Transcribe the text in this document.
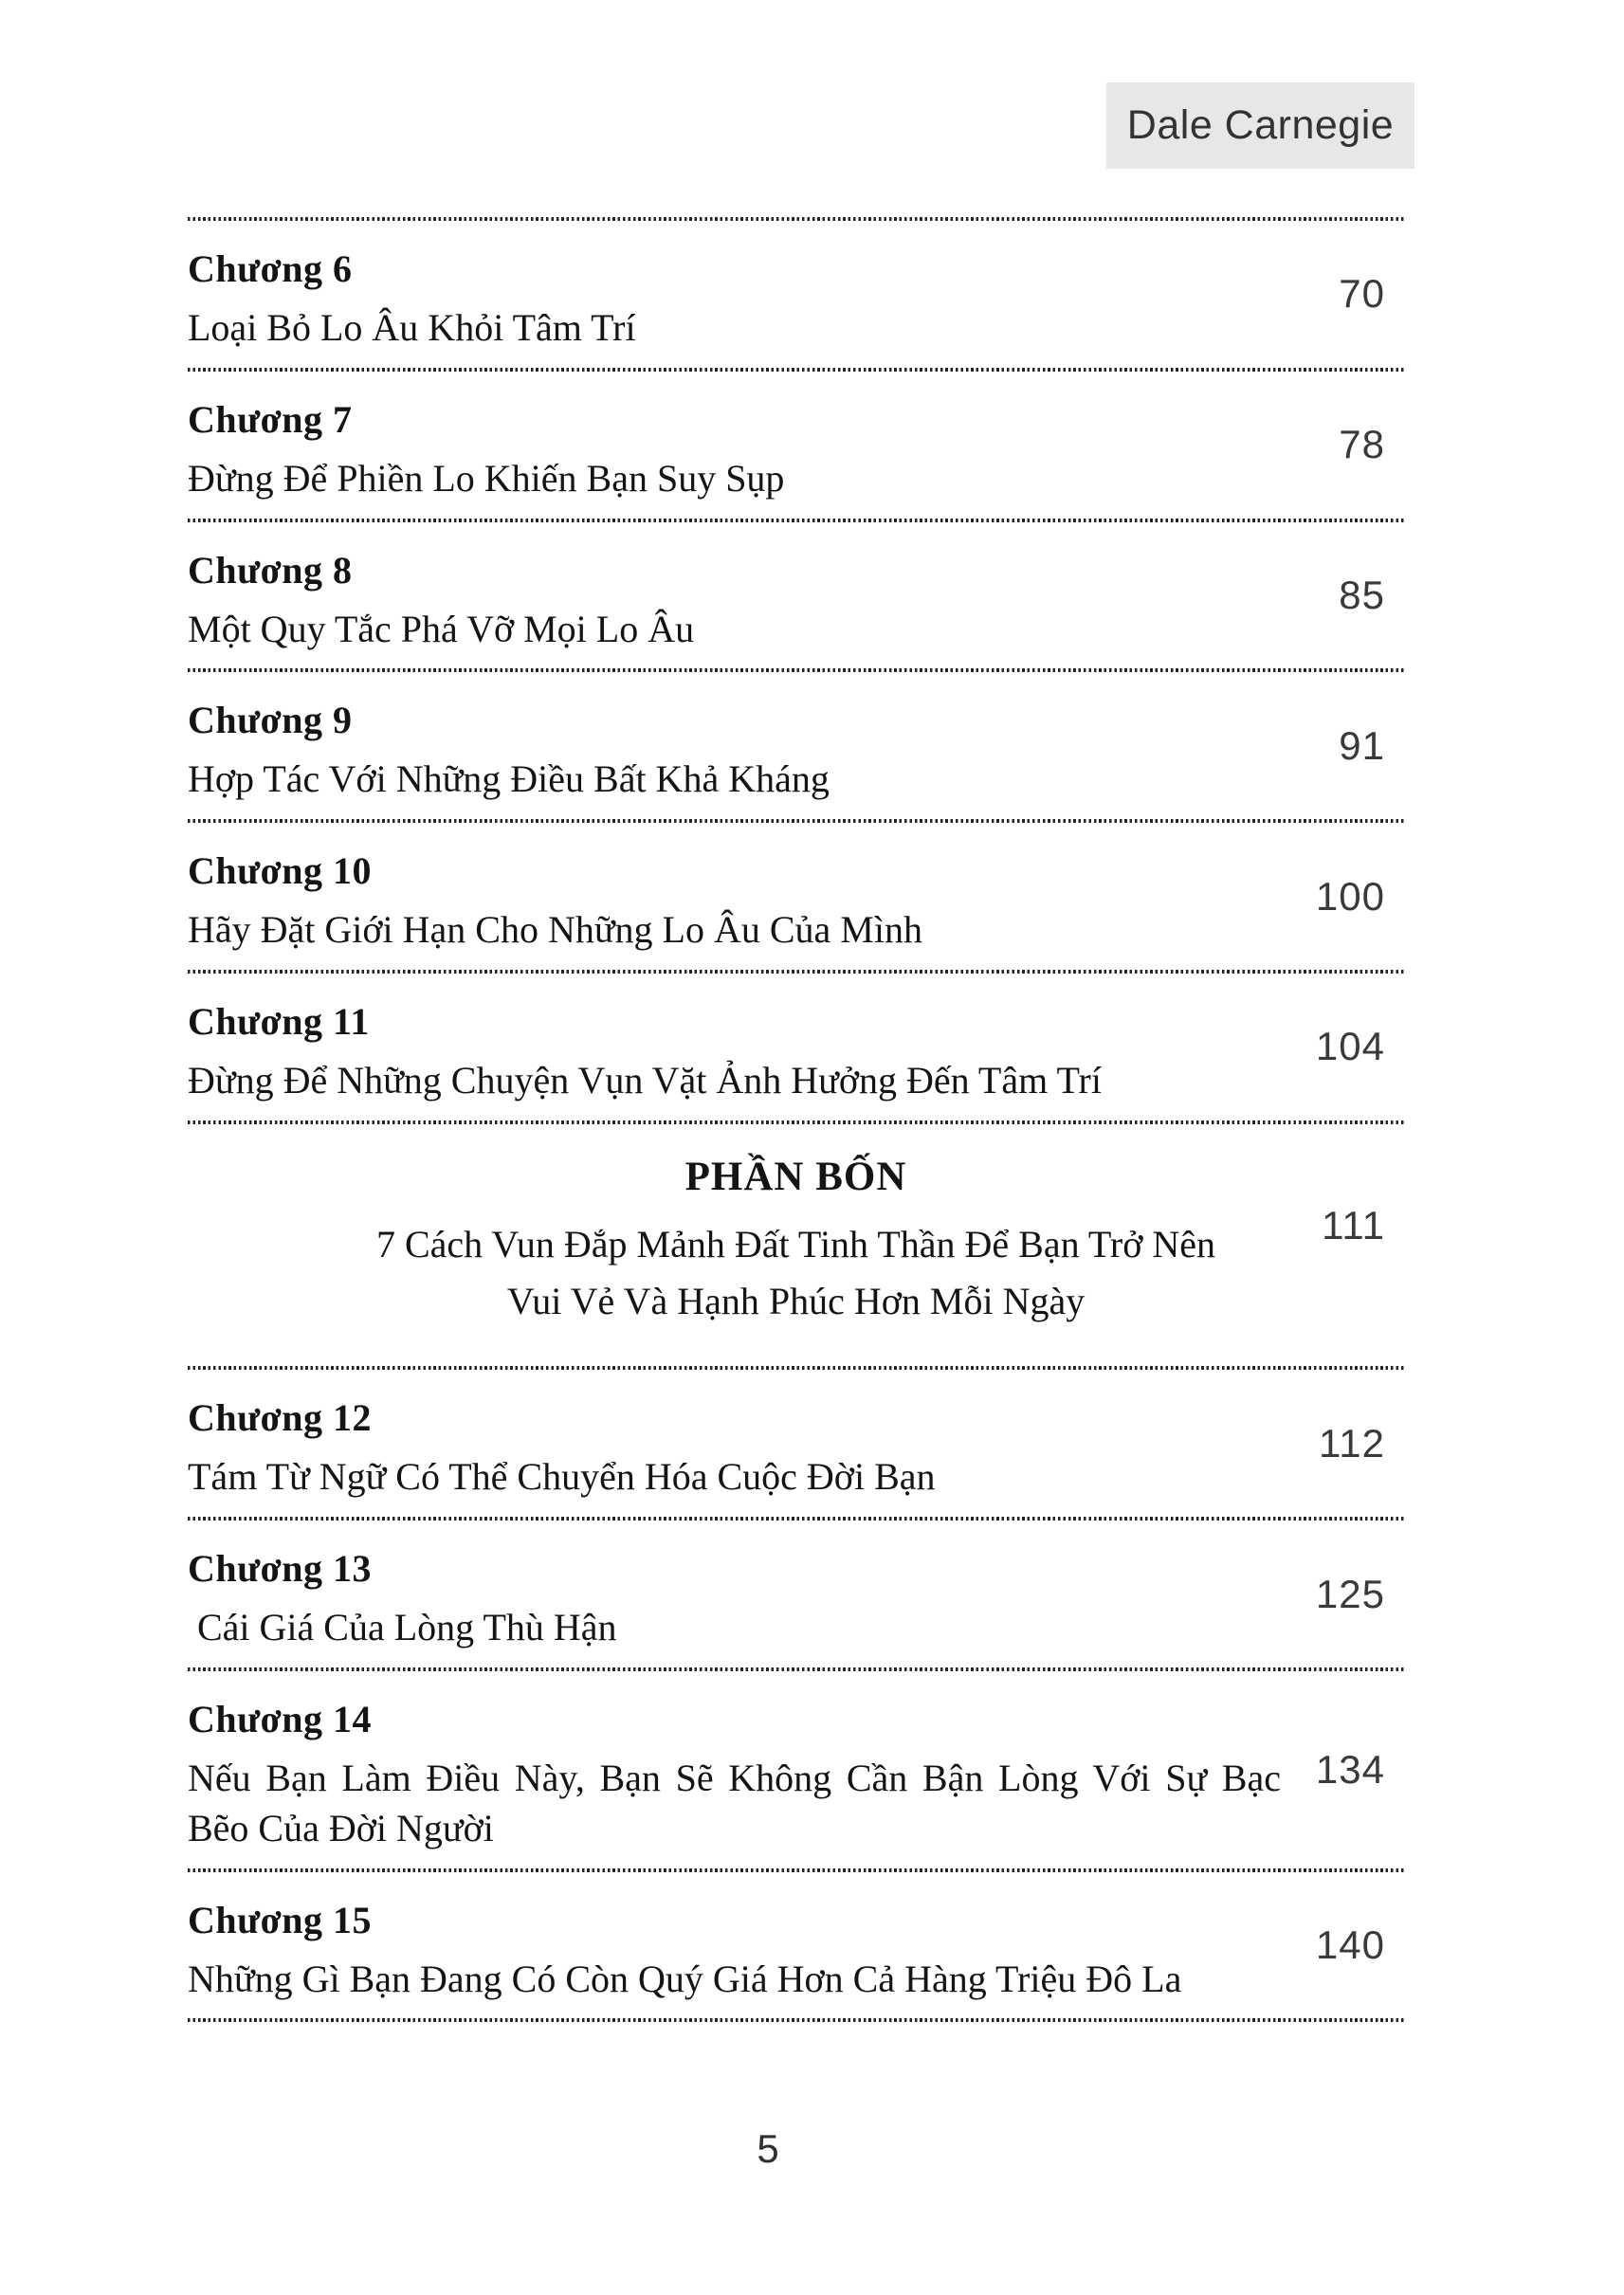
Dale Carnegie
Chương 6

Loại Bỏ Lo Âu Khỏi Tâm Trí

70
Chương 7

Đừng Để Phiền Lo Khiến Bạn Suy Sụp

78
Chương 8

Một Quy Tắc Phá Vỡ Mọi Lo Âu

85
Chương 9

Hợp Tác Với Những Điều Bất Khả Kháng

91
Chương 10

Hãy Đặt Giới Hạn Cho Những Lo Âu Của Mình

100
Chương 11

Đừng Để Những Chuyện Vụn Vặt Ảnh Hưởng Đến Tâm Trí

104
PHẦN BỐN

7 Cách Vun Đắp Mảnh Đất Tinh Thần Để Bạn Trở Nên

Vui Vẻ Và Hạnh Phúc Hơn Mỗi Ngày

111
Chương 12

Tám Từ Ngữ Có Thể Chuyển Hóa Cuộc Đời Bạn

112
Chương 13

Cái Giá Của Lòng Thù Hận

125
Chương 14

Nếu Bạn Làm Điều Này, Bạn Sẽ Không Cần Bận Lòng Với Sự Bạc Bẽo Của Đời Người

134
Chương 15

Những Gì Bạn Đang Có Còn Quý Giá Hơn Cả Hàng Triệu Đô La

140
5
